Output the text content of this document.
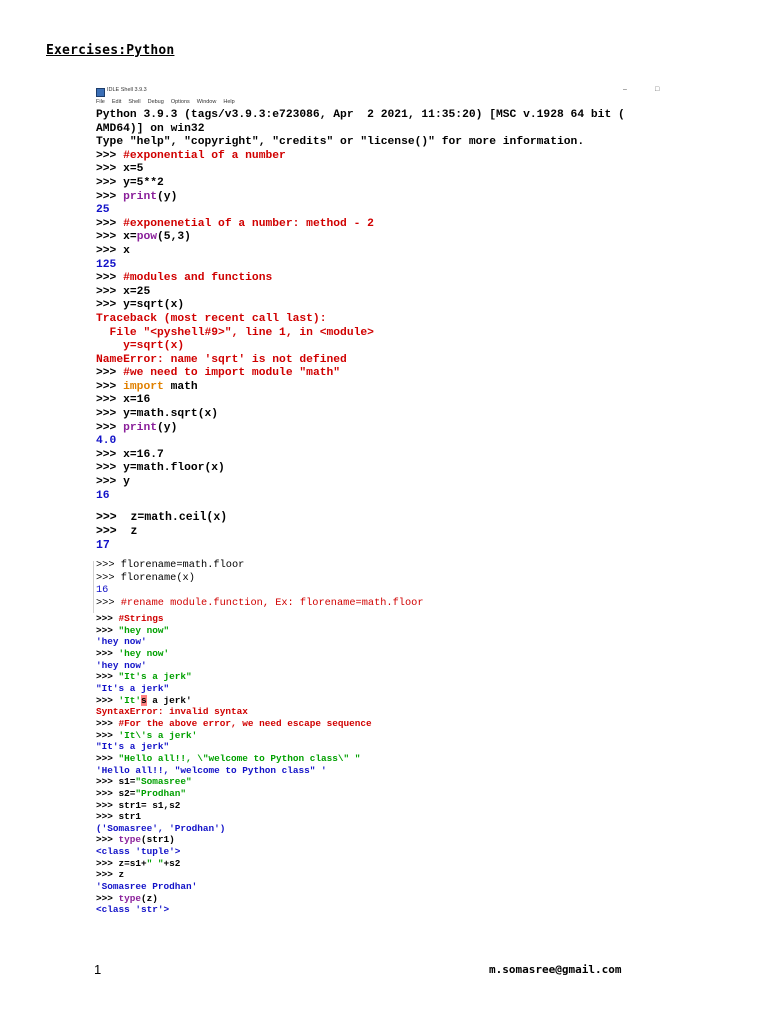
Exercises:Python
IDLE Shell 3.9.3	–	□
File Edit Shell Debug Options Window Help
Python 3.9.3 (tags/v3.9.3:e723086, Apr  2 2021, 11:35:20) [MSC v.1928 64 bit (
AMD64)] on win32
Type "help", "copyright", "credits" or "license()" for more information.
>>> #exponential of a number
>>> x=5
>>> y=5**2
>>> print(y)
25
>>> #exponenetial of a number: method - 2
>>> x=pow(5,3)
>>> x
125
>>> #modules and functions
>>> x=25
>>> y=sqrt(x)
Traceback (most recent call last):
File "<pyshell#9>", line 1, in <module>
y=sqrt(x)
NameError: name 'sqrt' is not defined
>>> #we need to import module "math"
>>> import math
>>> x=16
>>> y=math.sqrt(x)
>>> print(y)
4.0
>>> x=16.7
>>> y=math.floor(x)
>>> y
16
>>>  z=math.ceil(x)
>>>  z
17
>>> florename=math.floor
>>> florename(x)
16
>>> #rename module.function, Ex: florename=math.floor
>>> #Strings
>>> "hey now"
'hey now'
>>> 'hey now'
'hey now'
>>> "It's a jerk"
"It's a jerk"
>>> 'It's a jerk'
SyntaxError: invalid syntax
>>> #For the above error, we need escape sequence
>>> 'It\'s a jerk'
"It's a jerk"
>>> "Hello all!!, \"welcome to Python class\" "
'Hello all!!, "welcome to Python class" '
>>> s1="Somasree"
>>> s2="Prodhan"
>>> str1= s1,s2
>>> str1
('Somasree', 'Prodhan')
>>> type(str1)
<class 'tuple'>
>>> z=s1+" "+s2
>>> z
'Somasree Prodhan'
>>> type(z)
<class 'str'>
1	m.somasree@gmail.com
